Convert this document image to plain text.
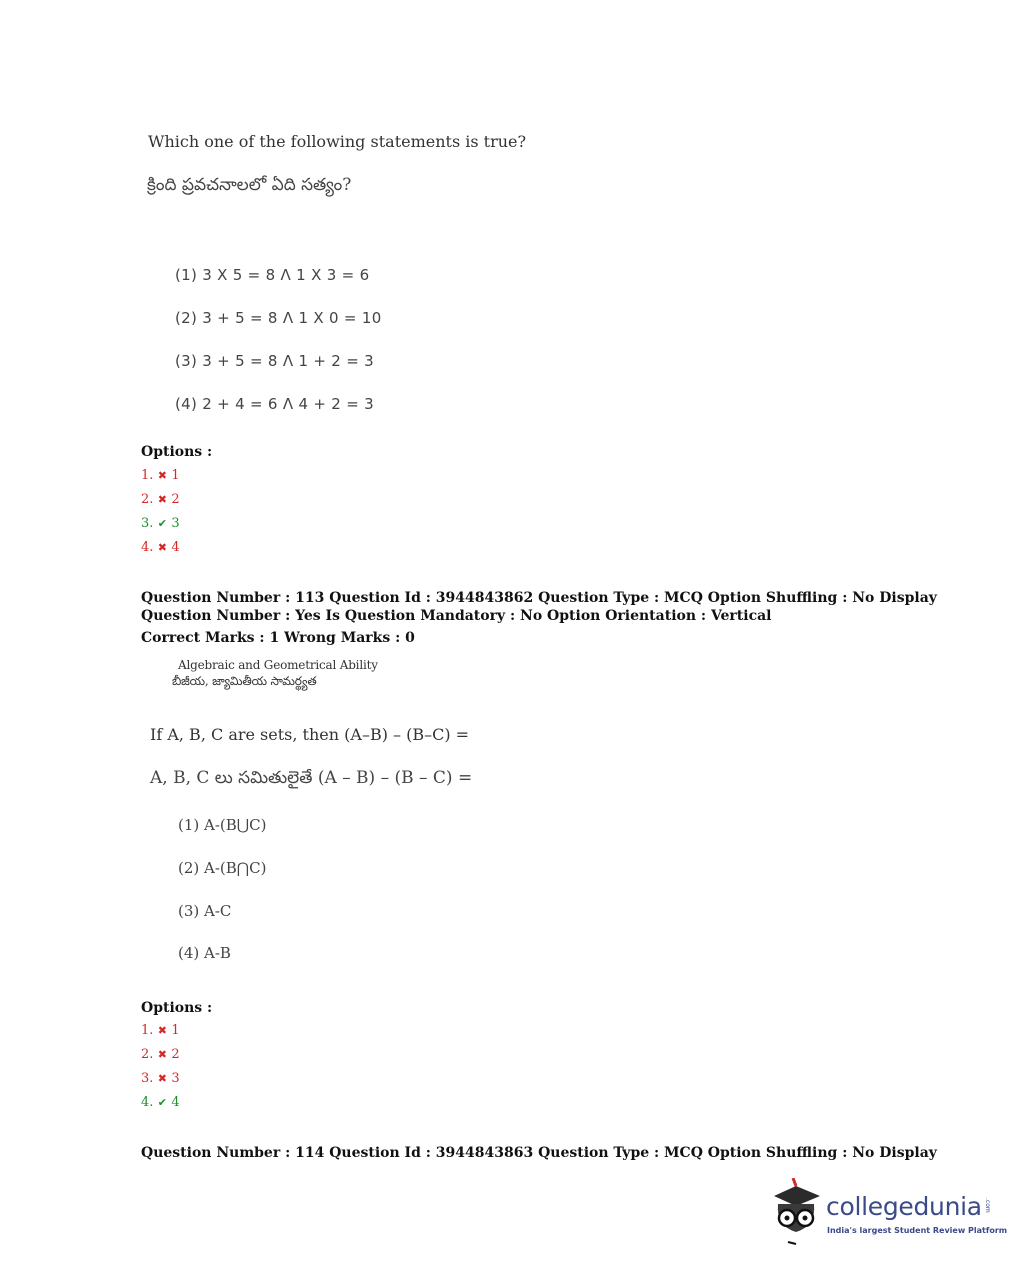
Which one of the following statements is true?
క్రింది ప్రవచనాలలో ఏది సత్యం?
(1) 3 X 5 = 8 Λ 1 X 3 = 6
(2) 3 + 5 = 8 Λ 1 X 0 = 10
(3) 3 + 5 = 8 Λ 1 + 2 = 3
(4) 2 + 4 = 6 Λ 4 + 2 = 3
Options :
1. ✖ 1
2. ✖ 2
3. ✔ 3
4. ✖ 4
Question Number : 113 Question Id : 3944843862 Question Type : MCQ Option Shuffling : No Display
Question Number : Yes Is Question Mandatory : No Option Orientation : Vertical
Correct Marks : 1 Wrong Marks : 0
Algebraic and Geometrical Ability
బీజీయ, జ్యామితీయ సామర్థ్యత
If A, B, C are sets, then (A–B) – (B–C) =
A, B, C లు సమితులైతే (A – B) – (B – C) =
(1) A-(B⋃C)
(2) A-(B⋂C)
(3) A-C
(4) A-B
Options :
1. ✖ 1
2. ✖ 2
3. ✖ 3
4. ✔ 4
Question Number : 114 Question Id : 3944843863 Question Type : MCQ Option Shuffling : No Display
collegedunia .com
India's largest Student Review Platform
